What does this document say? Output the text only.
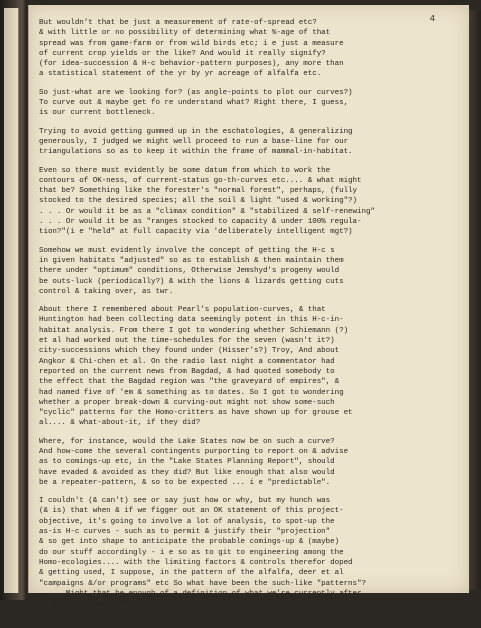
4
But wouldn't that be just a measurement of rate-of-spread etc?
& with little or no possibility of determining what %-age of that
spread was from game-farm or from wild birds etc; i e just a measure
of current crop yields or the like? And would it really signify?
(for idea-succession & H-c behavior-pattern purposes), any more than
a statistical statement of the yr by yr acreage of alfalfa etc.
So just-what are we looking for? (as angle-points to plot our curves?)
To curve out & maybe get fo re understand what? Right there, I guess,
is our current bottleneck.
Trying to avoid getting gummed up in the eschatologies, & generalizing
generously, I judged we might well proceed to run a base-line for our
triangulations so as to keep it within the frame of mammal-in-habitat.
Even so there must evidently be some datum from which to work the
contours of OK-ness, of current-status go-th-curves etc.... & what might
that be? Something like the forester's "normal forest", perhaps, (fully
stocked to the desired species; all the soil & light "used & working"?)
. . . Or would it be as a "climax condition" & "stabilized & self-renewing"
. . . Or would it be as "ranges stocked to capacity & under 100% regula-
tion?"(i e "held" at full capacity via 'deliberately intelligent mgt?)
Somehow we must evidently involve the concept of getting the H-c s
in given habitats "adjusted" so as to establish & then maintain them
there under "optimum" conditions, Otherwise Jemshyd's progeny would
be outs-luck (periodically?) & with the lions & lizards getting cuts
control & taking over, as twr.
About there I remembered about Pearl's population-curves, & that
Huntington had been collecting data seemingly potent in this H-c-in-
habitat analysis. From there I got to wondering whether Schiemann (?)
et al had worked out the time-schedules for the seven (wasn't it?)
city-successions which they found under (Hisser's?) Troy, And about
Angkor & Chi-chen et al. On the radio last night a commentator had
reported on the current news from Bagdad, & had quoted somebody to
the effect that the Bagdad region was "the graveyard of empires", &
had named five of 'em & something as to dates. So I got to wondering
whether a proper break-down & curving-out might not show some-such
"cyclic" patterns for the Homo-critters as have shown up for grouse et
al.... & what-about-it, if they did?
Where, for instance, would the Lake States now be on such a curve?
And how-come the several contingents purporting to report on & advise
as to comings-up etc, in the "Lake States Planning Report", should
have evaded & avoided as they did? But like enough that also would
be a repeater-pattern, & so to be expected ... i e "predictable".
I couldn't (& can't) see or say just how or why, but my hunch was
(& is) that when & if we figger out an OK statement of this project-
objective, it's going to involve a lot of analysis, to spot-up the
as-is H-c curves - such as to permit & justify their "projection"
& so get into shape to anticipate the probable comings-up & (maybe)
do our stuff accordingly - i e so as to git to engineering among the
Homo-ecologies.... with the limiting factors & controls therefor doped
& getting used, I suppose, in the pattern of the alfalfa, deer et al
"campaigns &/or programs" etc So what have been the such-like "patterns"?
. . . Might that be enough of a definition of what we're currently after
to get by on pro tem?
x.x.x.x.x.x.x.
